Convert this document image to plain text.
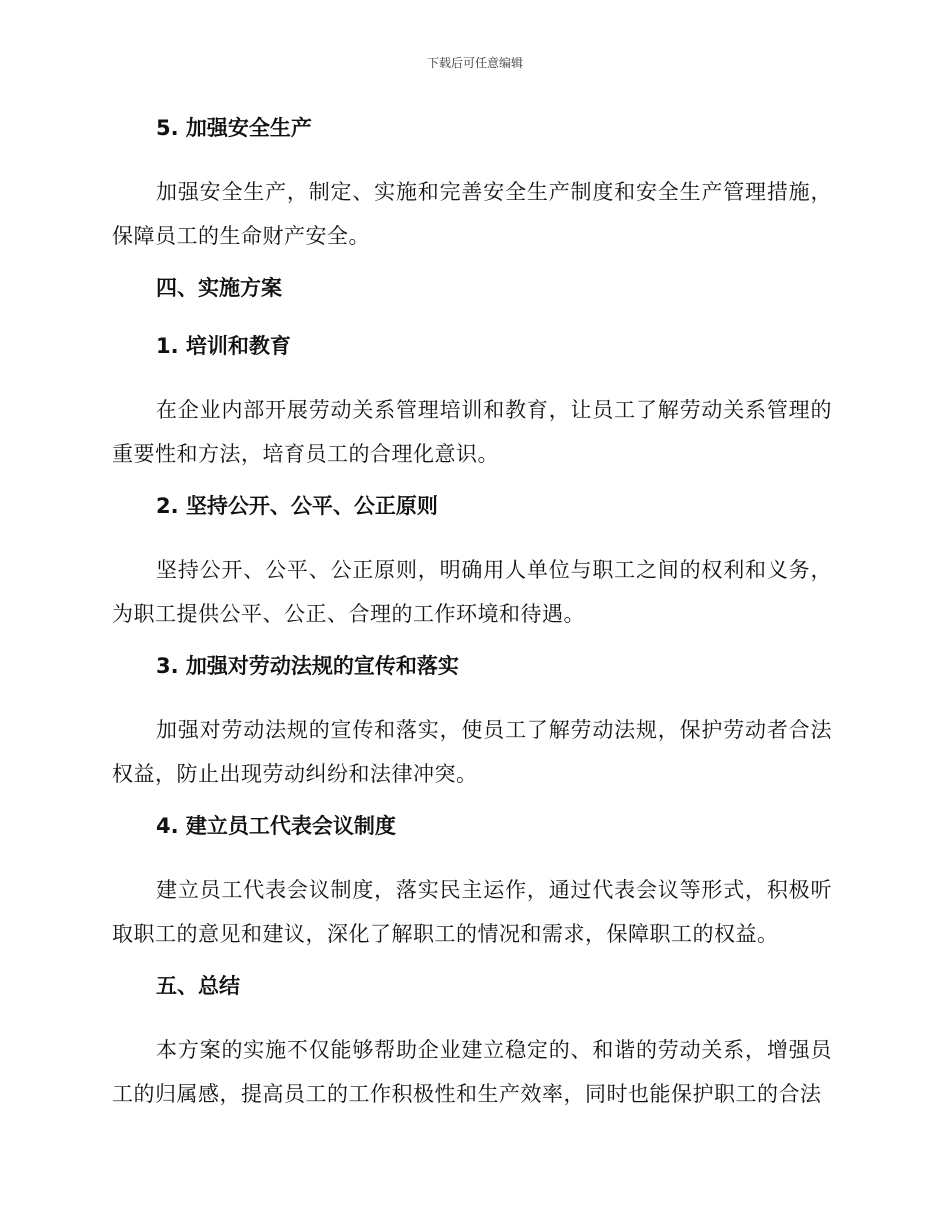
下载后可任意编辑
5. 加强安全生产
加强安全生产，制定、实施和完善安全生产制度和安全生产管理措施，保障员工的生命财产安全。
四、实施方案
1. 培训和教育
在企业内部开展劳动关系管理培训和教育，让员工了解劳动关系管理的重要性和方法，培育员工的合理化意识。
2. 坚持公开、公平、公正原则
坚持公开、公平、公正原则，明确用人单位与职工之间的权利和义务，为职工提供公平、公正、合理的工作环境和待遇。
3. 加强对劳动法规的宣传和落实
加强对劳动法规的宣传和落实，使员工了解劳动法规，保护劳动者合法权益，防止出现劳动纠纷和法律冲突。
4. 建立员工代表会议制度
建立员工代表会议制度，落实民主运作，通过代表会议等形式，积极听取职工的意见和建议，深化了解职工的情况和需求，保障职工的权益。
五、总结
本方案的实施不仅能够帮助企业建立稳定的、和谐的劳动关系，增强员工的归属感，提高员工的工作积极性和生产效率，同时也能保护职工的合法
